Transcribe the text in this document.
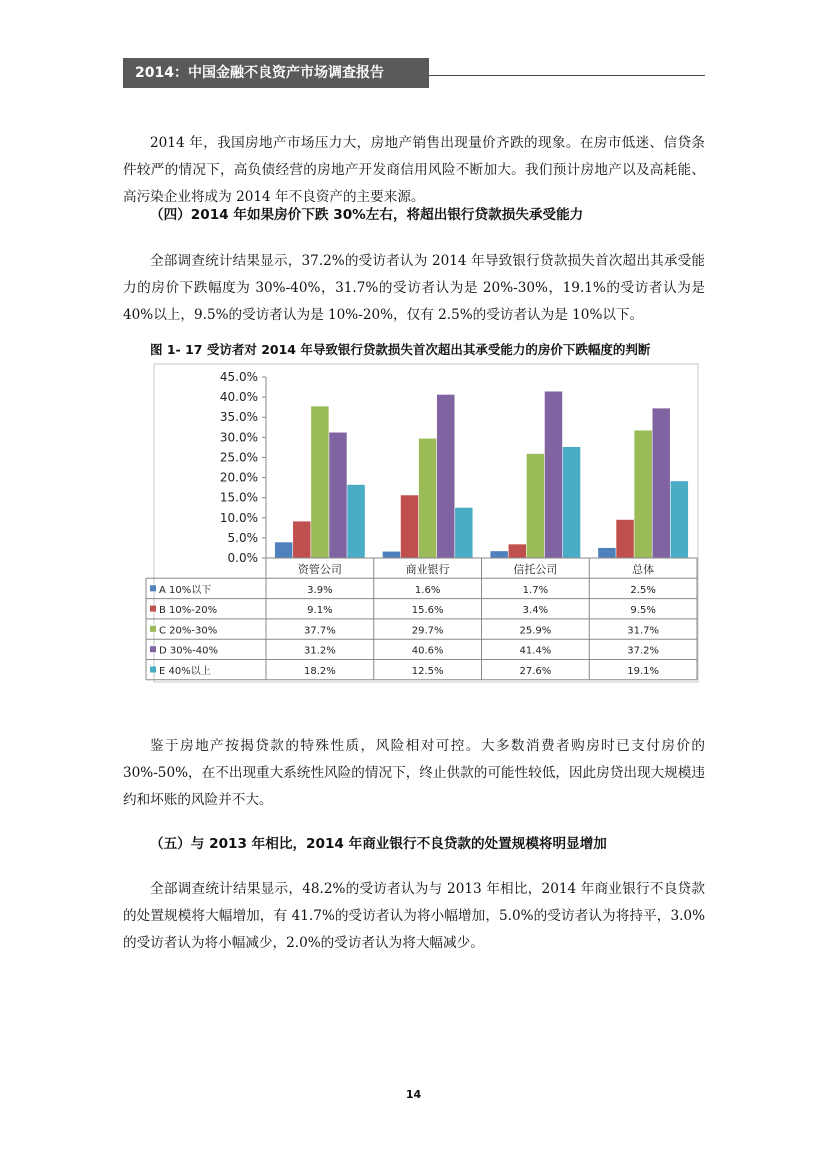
2014：中国金融不良资产市场调查报告

2014 年，我国房地产市场压力大，房地产销售出现量价齐跌的现象。在房市低迷、信贷条件较严的情况下，高负债经营的房地产开发商信用风险不断加大。我们预计房地产以及高耗能、高污染企业将成为 2014 年不良资产的主要来源。

（四）2014 年如果房价下跌 30%左右，将超出银行贷款损失承受能力

全部调查统计结果显示，37.2%的受访者认为 2014 年导致银行贷款损失首次超出其承受能力的房价下跌幅度为 30%-40%，31.7%的受访者认为是 20%-30%，19.1%的受访者认为是 40%以上，9.5%的受访者认为是 10%-20%，仅有 2.5%的受访者认为是 10%以下。

图 1- 17 受访者对 2014 年导致银行贷款损失首次超出其承受能力的房价下跌幅度的判断
0.0%
5.0%
10.0%
15.0%
20.0%
25.0%
30.0%
35.0%
40.0%
45.0%
资管公司	商业银行	信托公司	总体
A 10%以下	3.9%	1.6%	1.7%	2.5%
B 10%-20%	9.1%	15.6%	3.4%	9.5%
C 20%-30%	37.7%	29.7%	25.9%	31.7%
D 30%-40%	31.2%	40.6%	41.4%	37.2%
E 40%以上	18.2%	12.5%	27.6%	19.1%

鉴于房地产按揭贷款的特殊性质，风险相对可控。大多数消费者购房时已支付房价的 30%-50%，在不出现重大系统性风险的情况下，终止供款的可能性较低，因此房贷出现大规模违约和坏账的风险并不大。

（五）与 2013 年相比，2014 年商业银行不良贷款的处置规模将明显增加

全部调查统计结果显示，48.2%的受访者认为与 2013 年相比，2014 年商业银行不良贷款的处置规模将大幅增加，有 41.7%的受访者认为将小幅增加，5.0%的受访者认为将持平，3.0%的受访者认为将小幅减少，2.0%的受访者认为将大幅减少。

14
